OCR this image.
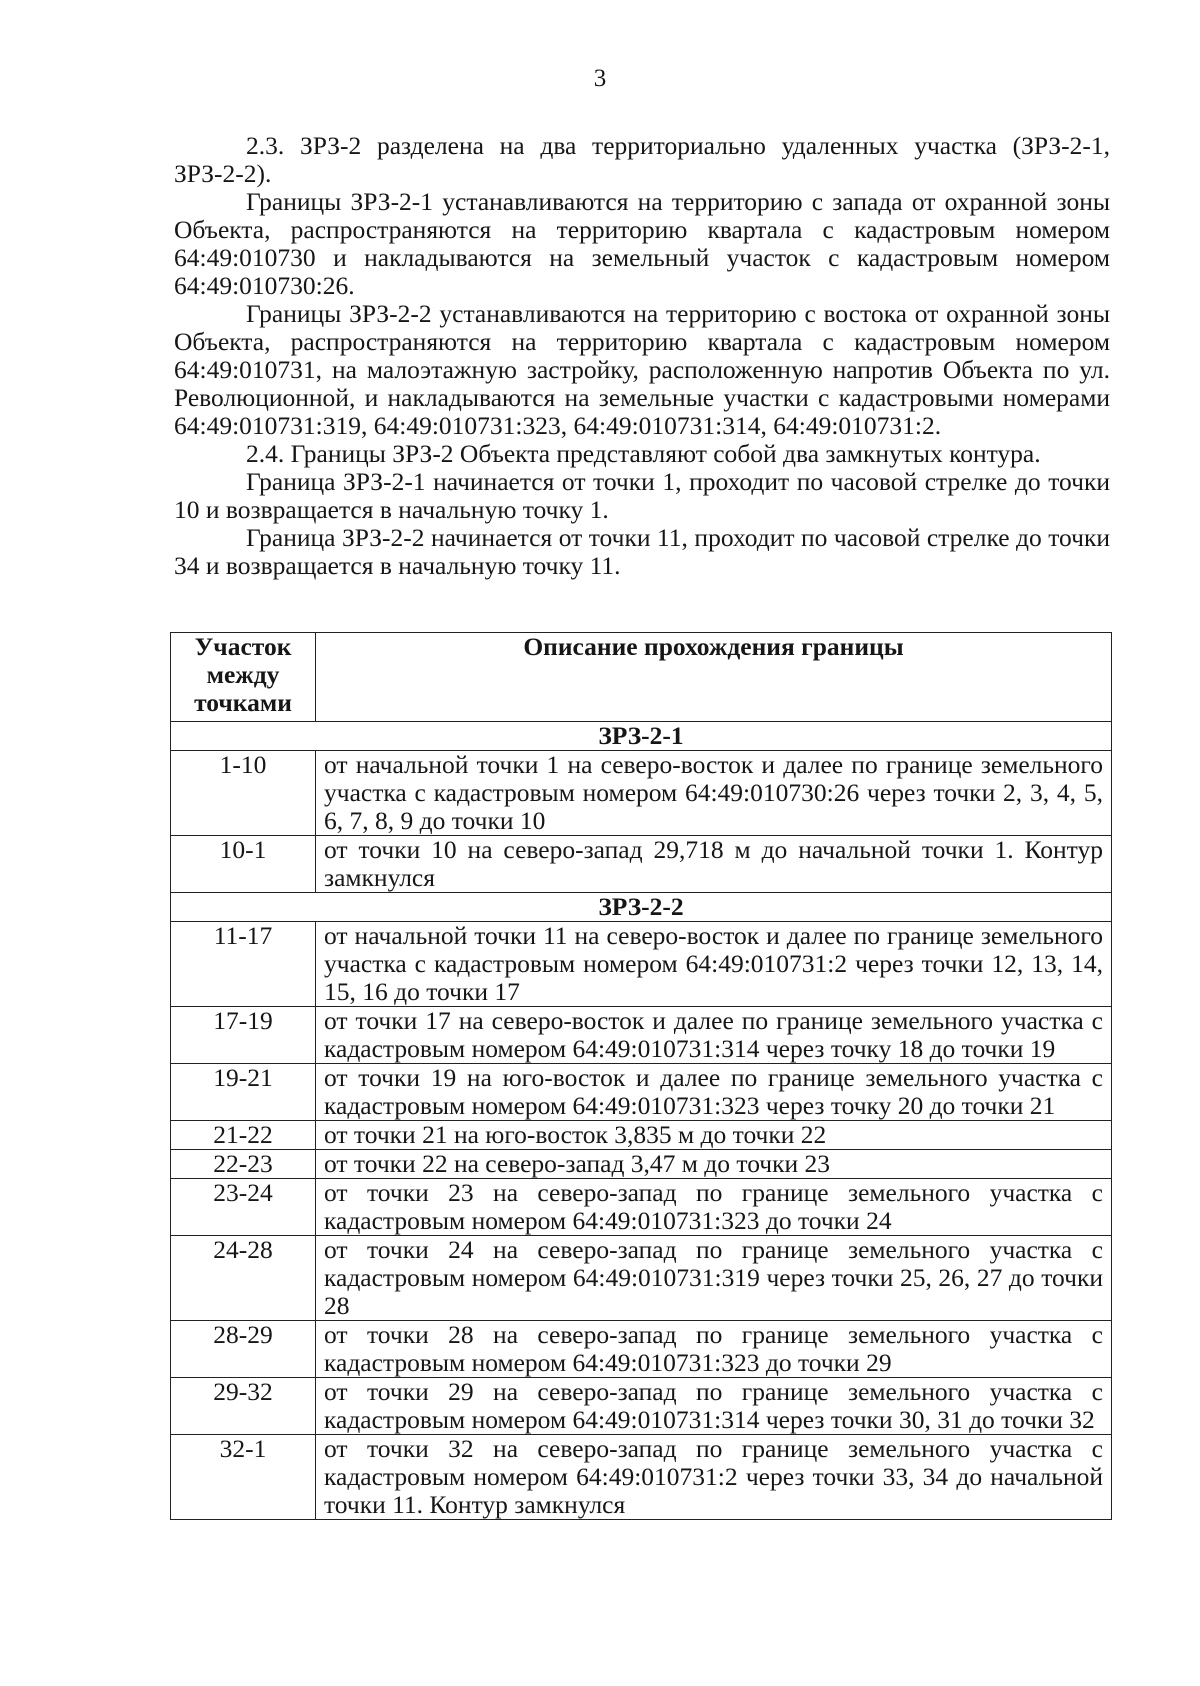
3

2.3. ЗРЗ-2 разделена на два территориально удаленных участка (ЗРЗ-2-1, ЗРЗ-2-2).

Границы ЗРЗ-2-1 устанавливаются на территорию с запада от охранной зоны Объекта, распространяются на территорию квартала с кадастровым номером 64:49:010730 и накладываются на земельный участок с кадастровым номером 64:49:010730:26.

Границы ЗРЗ-2-2 устанавливаются на территорию с востока от охранной зоны Объекта, распространяются на территорию квартала с кадастровым номером 64:49:010731, на малоэтажную застройку, расположенную напротив Объекта по ул. Революционной, и накладываются на земельные участки с кадастровыми номерами 64:49:010731:319, 64:49:010731:323, 64:49:010731:314, 64:49:010731:2.

2.4. Границы ЗРЗ-2 Объекта представляют собой два замкнутых контура.

Граница ЗРЗ-2-1 начинается от точки 1, проходит по часовой стрелке до точки 10 и возвращается в начальную точку 1.

Граница ЗРЗ-2-2 начинается от точки 11, проходит по часовой стрелке до точки 34 и возвращается в начальную точку 11.

Участок между точками	Описание прохождения границы
ЗРЗ-2-1	
1-10	от начальной точки 1 на северо-восток и далее по границе земельного участка с кадастровым номером 64:49:010730:26 через точки 2, 3, 4, 5, 6, 7, 8, 9 до точки 10
10-1	от точки 10 на северо-запад 29,718 м до начальной точки 1. Контур замкнулся
ЗРЗ-2-2	
11-17	от начальной точки 11 на северо-восток и далее по границе земельного участка с кадастровым номером 64:49:010731:2 через точки 12, 13, 14, 15, 16 до точки 17
17-19	от точки 17 на северо-восток и далее по границе земельного участка с кадастровым номером 64:49:010731:314 через точку 18 до точки 19
19-21	от точки 19 на юго-восток и далее по границе земельного участка с кадастровым номером 64:49:010731:323 через точку 20 до точки 21
21-22	от точки 21 на юго-восток 3,835 м до точки 22
22-23	от точки 22 на северо-запад 3,47 м до точки 23
23-24	от точки 23 на северо-запад по границе земельного участка с кадастровым номером 64:49:010731:323 до точки 24
24-28	от точки 24 на северо-запад по границе земельного участка с кадастровым номером 64:49:010731:319 через точки 25, 26, 27 до точки 28
28-29	от точки 28 на северо-запад по границе земельного участка с кадастровым номером 64:49:010731:323 до точки 29
29-32	от точки 29 на северо-запад по границе земельного участка с кадастровым номером 64:49:010731:314 через точки 30, 31 до точки 32
32-1	от точки 32 на северо-запад по границе земельного участка с кадастровым номером 64:49:010731:2 через точки 33, 34 до начальной точки 11. Контур замкнулся
